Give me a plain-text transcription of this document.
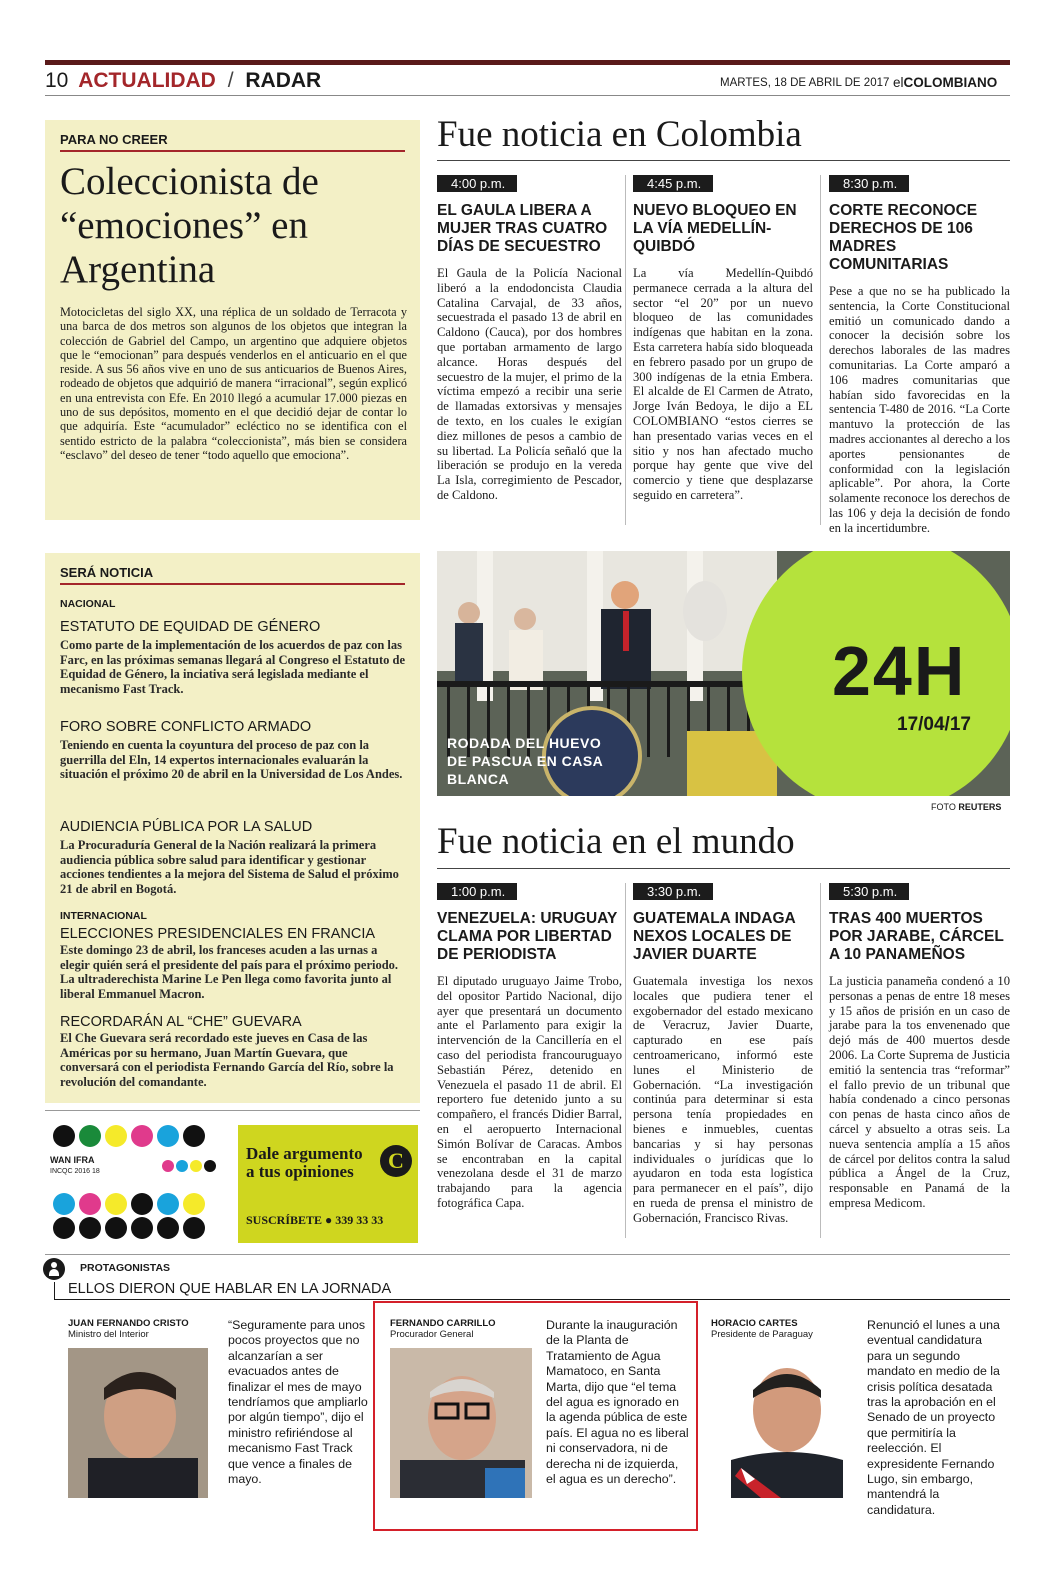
10 ACTUALIDAD / RADAR	MARTES, 18 DE ABRIL DE 2017 elCOLOMBIANO
PARA NO CREER
Coleccionista de “emociones” en Argentina
Motocicletas del siglo XX, una réplica de un soldado de Terracota y una barca de dos metros son algunos de los objetos que integran la colección de Gabriel del Campo, un argentino que adquiere objetos que le “emocionan” para después venderlos en el anticuario en el que reside. A sus 56 años vive en uno de sus anticuarios de Buenos Aires, rodeado de objetos que adquirió de manera “irracional”, según explicó en una entrevista con Efe. En 2010 llegó a acumular 17.000 piezas en uno de sus depósitos, momento en el que decidió dejar de contar lo que adquiría. Este “acumulador” ecléctico no se identifica con el sentido estricto de la palabra “coleccionista”, más bien se considera “esclavo” del deseo de tener “todo aquello que emociona”.
Fue noticia en Colombia
4:00 p.m.
EL GAULA LIBERA A MUJER TRAS CUATRO DÍAS DE SECUESTRO
El Gaula de la Policía Nacional liberó a la endodoncista Claudia Catalina Carvajal, de 33 años, secuestrada el pasado 13 de abril en Caldono (Cauca), por dos hombres que portaban armamento de largo alcance. Horas después del secuestro de la mujer, el primo de la víctima empezó a recibir una serie de llamadas extorsivas y mensajes de texto, en los cuales le exigían diez millones de pesos a cambio de su libertad. La Policía señaló que la liberación se produjo en la vereda La Isla, corregimiento de Pescador, de Caldono.
4:45 p.m.
NUEVO BLOQUEO EN LA VÍA MEDELLÍN-QUIBDÓ
La vía Medellín-Quibdó permanece cerrada a la altura del sector “el 20” por un nuevo bloqueo de las comunidades indígenas que habitan en la zona. Esta carretera había sido bloqueada en febrero pasado por un grupo de 300 indígenas de la etnia Embera. El alcalde de El Carmen de Atrato, Jorge Iván Bedoya, le dijo a EL COLOMBIANO “estos cierres se han presentado varias veces en el sitio y nos han afectado mucho porque hay gente que vive del comercio y tiene que desplazarse seguido en carretera”.
8:30 p.m.
CORTE RECONOCE DERECHOS DE 106 MADRES COMUNITARIAS
Pese a que no se ha publicado la sentencia, la Corte Constitucional emitió un comunicado dando a conocer la decisión sobre los derechos laborales de las madres comunitarias. La Corte amparó a 106 madres comunitarias que habían sido favorecidas en la sentencia T-480 de 2016. “La Corte mantuvo la protección de las madres accionantes al derecho a los aportes pensionantes de conformidad con la legislación aplicable”. Por ahora, la Corte solamente reconoce los derechos de las 106 y deja la decisión de fondo en la incertidumbre.
SERÁ NOTICIA
NACIONAL
ESTATUTO DE EQUIDAD DE GÉNERO
Como parte de la implementación de los acuerdos de paz con las Farc, en las próximas semanas llegará al Congreso el Estatuto de Equidad de Género, la inciativa será legislada mediante el mecanismo Fast Track.
FORO SOBRE CONFLICTO ARMADO
Teniendo en cuenta la coyuntura del proceso de paz con la guerrilla del Eln, 14 expertos internacionales evaluarán la situación el próximo 20 de abril en la Universidad de Los Andes.
AUDIENCIA PÚBLICA POR LA SALUD
La Procuraduría General de la Nación realizará la primera audiencia pública sobre salud para identificar y gestionar acciones tendientes a la mejora del Sistema de Salud el próximo 21 de abril en Bogotá.
INTERNACIONAL
ELECCIONES PRESIDENCIALES EN FRANCIA
Este domingo 23 de abril, los franceses acuden a las urnas a elegir quién será el presidente del país para el próximo periodo. La ultraderechista Marine Le Pen llega como favorita junto al liberal Emmanuel Macron.
RECORDARÁN AL “CHE” GUEVARA
El Che Guevara será recordado este jueves en Casa de las Américas por su hermano, Juan Martín Guevara, que conversará con el periodista Fernando García del Río, sobre la revolución del comandante.
24H
17/04/17
RODADA DEL HUEVO DE PASCUA EN CASA BLANCA
FOTO REUTERS
Fue noticia en el mundo
1:00 p.m.
VENEZUELA: URUGUAY CLAMA POR LIBERTAD DE PERIODISTA
El diputado uruguayo Jaime Trobo, del opositor Partido Nacional, dijo ayer que presentará un documento ante el Parlamento para exigir la intervención de la Cancillería en el caso del periodista francouruguayo Sebastián Pérez, detenido en Venezuela el pasado 11 de abril. El reportero fue detenido junto a su compañero, el francés Didier Barral, en el aeropuerto Internacional Simón Bolívar de Caracas. Ambos se encontraban en la capital venezolana desde el 31 de marzo trabajando para la agencia fotográfica Capa.
3:30 p.m.
GUATEMALA INDAGA NEXOS LOCALES DE JAVIER DUARTE
Guatemala investiga los nexos locales que pudiera tener el exgobernador del estado mexicano de Veracruz, Javier Duarte, capturado en ese país centroamericano, informó este lunes el Ministerio de Gobernación. “La investigación continúa para determinar si esta persona tenía propiedades en bienes e inmuebles, cuentas bancarias y si hay personas individuales o jurídicas que lo ayudaron en toda esta logística para permanecer en el país”, dijo en rueda de prensa el ministro de Gobernación, Francisco Rivas.
5:30 p.m.
TRAS 400 MUERTOS POR JARABE, CÁRCEL A 10 PANAMEÑOS
La justicia panameña condenó a 10 personas a penas de entre 18 meses y 15 años de prisión en un caso de jarabe para la tos envenenado que dejó más de 400 muertos desde 2006. La Corte Suprema de Justicia emitió la sentencia tras “reformar” el fallo previo de un tribunal que había condenado a cinco personas con penas de hasta cinco años de cárcel y absuelto a otras seis. La nueva sentencia amplía a 15 años de cárcel por delitos contra la salud pública a Ángel de la Cruz, responsable en Panamá de la empresa Medicom.
WAN IFRA
INCQC 2016 18
Dale argumento
a tus opiniones	C
SUSCRÍBETE ● 339 33 33
PROTAGONISTAS
ELLOS DIERON QUE HABLAR EN LA JORNADA
JUAN FERNANDO CRISTO
Ministro del Interior
“Seguramente para unos pocos proyectos que no alcanzarían a ser evacuados antes de finalizar el mes de mayo tendríamos que ampliarlo por algún tiempo”, dijo el ministro refiriéndose al mecanismo Fast Track que vence a finales de mayo.
FERNANDO CARRILLO
Procurador General
Durante la inauguración de la Planta de Tratamiento de Agua Mamatoco, en Santa Marta, dijo que “el tema del agua es ignorado en la agenda pública de este país. El agua no es liberal ni conservadora, ni de derecha ni de izquierda, el agua es un derecho”.
HORACIO CARTES
Presidente de Paraguay
Renunció el lunes a una eventual candidatura para un segundo mandato en medio de la crisis política desatada tras la aprobación en el Senado de un proyecto que permitiría la reelección. El expresidente Fernando Lugo, sin embargo, mantendrá la candidatura.
